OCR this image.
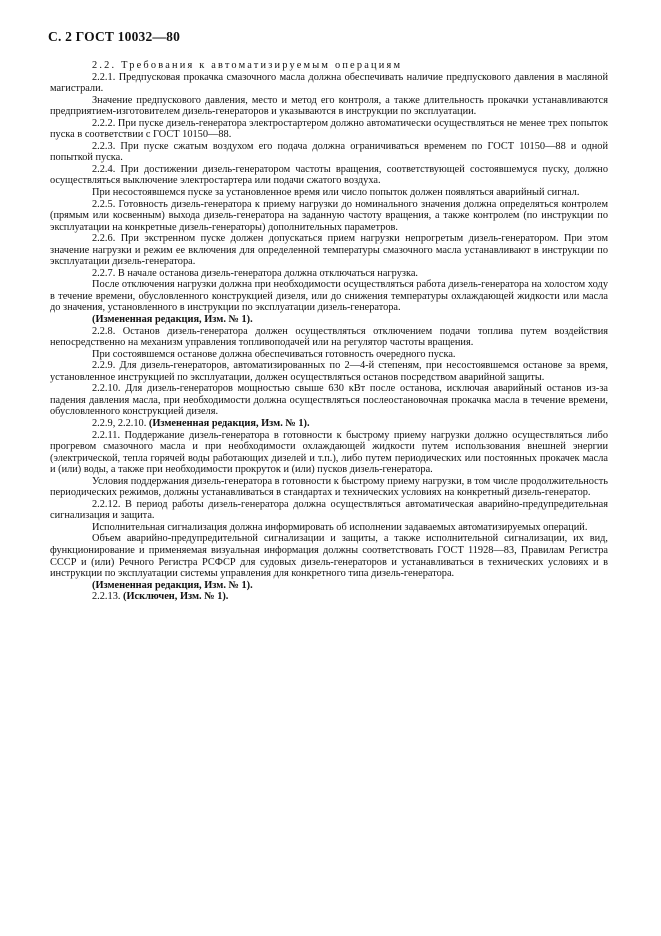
С. 2 ГОСТ 10032—80
2.2. Требования к автоматизируемым операциям
2.2.1. Предпусковая прокачка смазочного масла должна обеспечивать наличие предпускового давления в масляной магистрали.
Значение предпускового давления, место и метод его контроля, а также длительность прокачки устанавливаются предприятием-изготовителем дизель-генераторов и указываются в инструкции по эксплуатации.
2.2.2. При пуске дизель-генератора электростартером должно автоматически осуществляться не менее трех попыток пуска в соответствии с ГОСТ 10150—88.
2.2.3. При пуске сжатым воздухом его подача должна ограничиваться временем по ГОСТ 10150—88 и одной попыткой пуска.
2.2.4. При достижении дизель-генератором частоты вращения, соответствующей состоявшемуся пуску, должно осуществляться выключение электростартера или подачи сжатого воздуха.
При несостоявшемся пуске за установленное время или число попыток должен появляться аварийный сигнал.
2.2.5. Готовность дизель-генератора к приему нагрузки до номинального значения должна определяться контролем (прямым или косвенным) выхода дизель-генератора на заданную частоту вращения, а также контролем (по инструкции по эксплуатации на конкретные дизель-генераторы) дополнительных параметров.
2.2.6. При экстренном пуске должен допускаться прием нагрузки непрогретым дизель-генератором. При этом значение нагрузки и режим ее включения для определенной температуры смазочного масла устанавливают в инструкции по эксплуатации дизель-генератора.
2.2.7. В начале останова дизель-генератора должна отключаться нагрузка.
После отключения нагрузки должна при необходимости осуществляться работа дизель-генератора на холостом ходу в течение времени, обусловленного конструкцией дизеля, или до снижения температуры охлаждающей жидкости или масла до значения, установленного в инструкции по эксплуатации дизель-генератора.
(Измененная редакция, Изм. № 1).
2.2.8. Останов дизель-генератора должен осуществляться отключением подачи топлива путем воздействия непосредственно на механизм управления топливоподачей или на регулятор частоты вращения.
При состоявшемся останове должна обеспечиваться готовность очередного пуска.
2.2.9. Для дизель-генераторов, автоматизированных по 2—4-й степеням, при несостоявшемся останове за время, установленное инструкцией по эксплуатации, должен осуществляться останов посредством аварийной защиты.
2.2.10. Для дизель-генераторов мощностью свыше 630 кВт после останова, исключая аварийный останов из-за падения давления масла, при необходимости должна осуществляться послеостановочная прокачка масла в течение времени, обусловленного конструкцией дизеля.
2.2.9, 2.2.10. (Измененная редакция, Изм. № 1).
2.2.11. Поддержание дизель-генератора в готовности к быстрому приему нагрузки должно осуществляться либо прогревом смазочного масла и при необходимости охлаждающей жидкости путем использования внешней энергии (электрической, тепла горячей воды работающих дизелей и т.п.), либо путем периодических или постоянных прокачек масла и (или) воды, а также при необходимости прокруток и (или) пусков дизель-генератора.
Условия поддержания дизель-генератора в готовности к быстрому приему нагрузки, в том числе продолжительность периодических режимов, должны устанавливаться в стандартах и технических условиях на конкретный дизель-генератор.
2.2.12. В период работы дизель-генератора должна осуществляться автоматическая аварийно-предупредительная сигнализация и защита.
Исполнительная сигнализация должна информировать об исполнении задаваемых автоматизируемых операций.
Объем аварийно-предупредительной сигнализации и защиты, а также исполнительной сигнализации, их вид, функционирование и применяемая визуальная информация должны соответствовать ГОСТ 11928—83, Правилам Регистра СССР и (или) Речного Регистра РСФСР для судовых дизель-генераторов и устанавливаться в технических условиях и в инструкции по эксплуатации системы управления для конкретного типа дизель-генератора.
(Измененная редакция, Изм. № 1).
2.2.13. (Исключен, Изм. № 1).
